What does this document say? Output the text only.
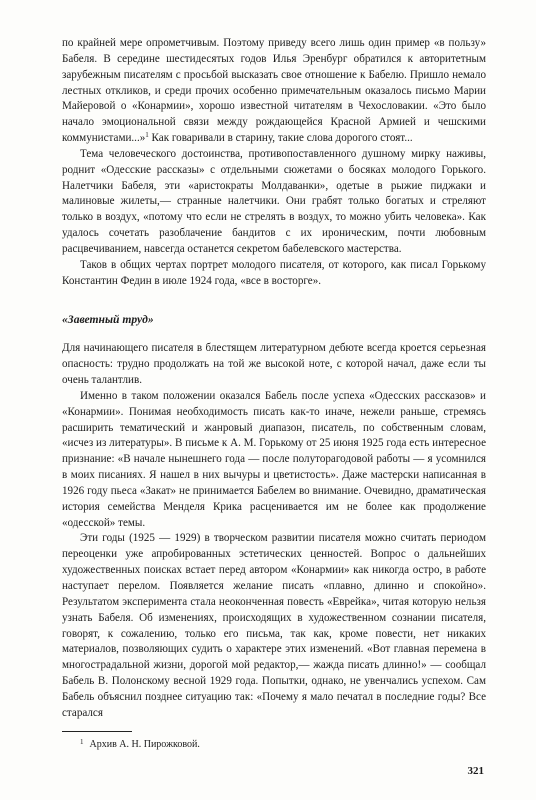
по крайней мере опрометчивым. Поэтому приведу всего лишь один пример «в пользу» Бабеля. В середине шестидесятых годов Илья Эренбург обратился к авторитетным зарубежным писателям с просьбой высказать свое отношение к Бабелю. Пришло немало лестных откликов, и среди прочих особенно примечательным оказалось письмо Марии Майеровой о «Конармии», хорошо известной читателям в Чехословакии. «Это было начало эмоциональной связи между рождающейся Красной Армией и чешскими коммунистами...»$^1$ Как говаривали в старину, такие слова дорогого стоят...

Тема человеческого достоинства, противопоставленного душному мирку наживы, роднит «Одесские рассказы» с отдельными сюжетами о босяках молодого Горького. Налетчики Бабеля, эти «аристократы Молдаванки», одетые в рыжие пиджаки и малиновые жилеты,— странные налетчики. Они грабят только богатых и стреляют только в воздух, «потому что если не стрелять в воздух, то можно убить человека». Как удалось сочетать разоблачение бандитов с их ироническим, почти любовным расцвечиванием, навсегда останется секретом бабелевского мастерства.

Таков в общих чертах портрет молодого писателя, от которого, как писал Горькому Константин Федин в июле 1924 года, «все в восторге».

«Заветный труд»

Для начинающего писателя в блестящем литературном дебюте всегда кроется серьезная опасность: трудно продолжать на той же высокой ноте, с которой начал, даже если ты очень талантлив.

Именно в таком положении оказался Бабель после успеха «Одесских рассказов» и «Конармии». Понимая необходимость писать как-то иначе, нежели раньше, стремясь расширить тематический и жанровый диапазон, писатель, по собственным словам, «исчез из литературы». В письме к А. М. Горькому от 25 июня 1925 года есть интересное признание: «В начале нынешнего года — после полуторагодовой работы — я усомнился в моих писаниях. Я нашел в них вычуры и цветистость». Даже мастерски написанная в 1926 году пьеса «Закат» не принимается Бабелем во внимание. Очевидно, драматическая история семейства Менделя Крика расценивается им не более как продолжение «одесской» темы.

Эти годы (1925 — 1929) в творческом развитии писателя можно считать периодом переоценки уже апробированных эстетических ценностей. Вопрос о дальнейших художественных поисках встает перед автором «Конармии» как никогда остро, в работе наступает перелом. Появляется желание писать «плавно, длинно и спокойно». Результатом эксперимента стала неоконченная повесть «Еврейка», читая которую нельзя узнать Бабеля. Об изменениях, происходящих в художественном сознании писателя, говорят, к сожалению, только его письма, так как, кроме повести, нет никаких материалов, позволяющих судить о характере этих изменений. «Вот главная перемена в многострадальной жизни, дорогой мой редактор,— жажда писать длинно!» — сообщал Бабель В. Полонскому весной 1929 года. Попытки, однако, не увенчались успехом. Сам Бабель объяснил позднее ситуацию так: «Почему я мало печатал в последние годы? Все старался

$^1$ Архив А. Н. Пирожковой.
321
